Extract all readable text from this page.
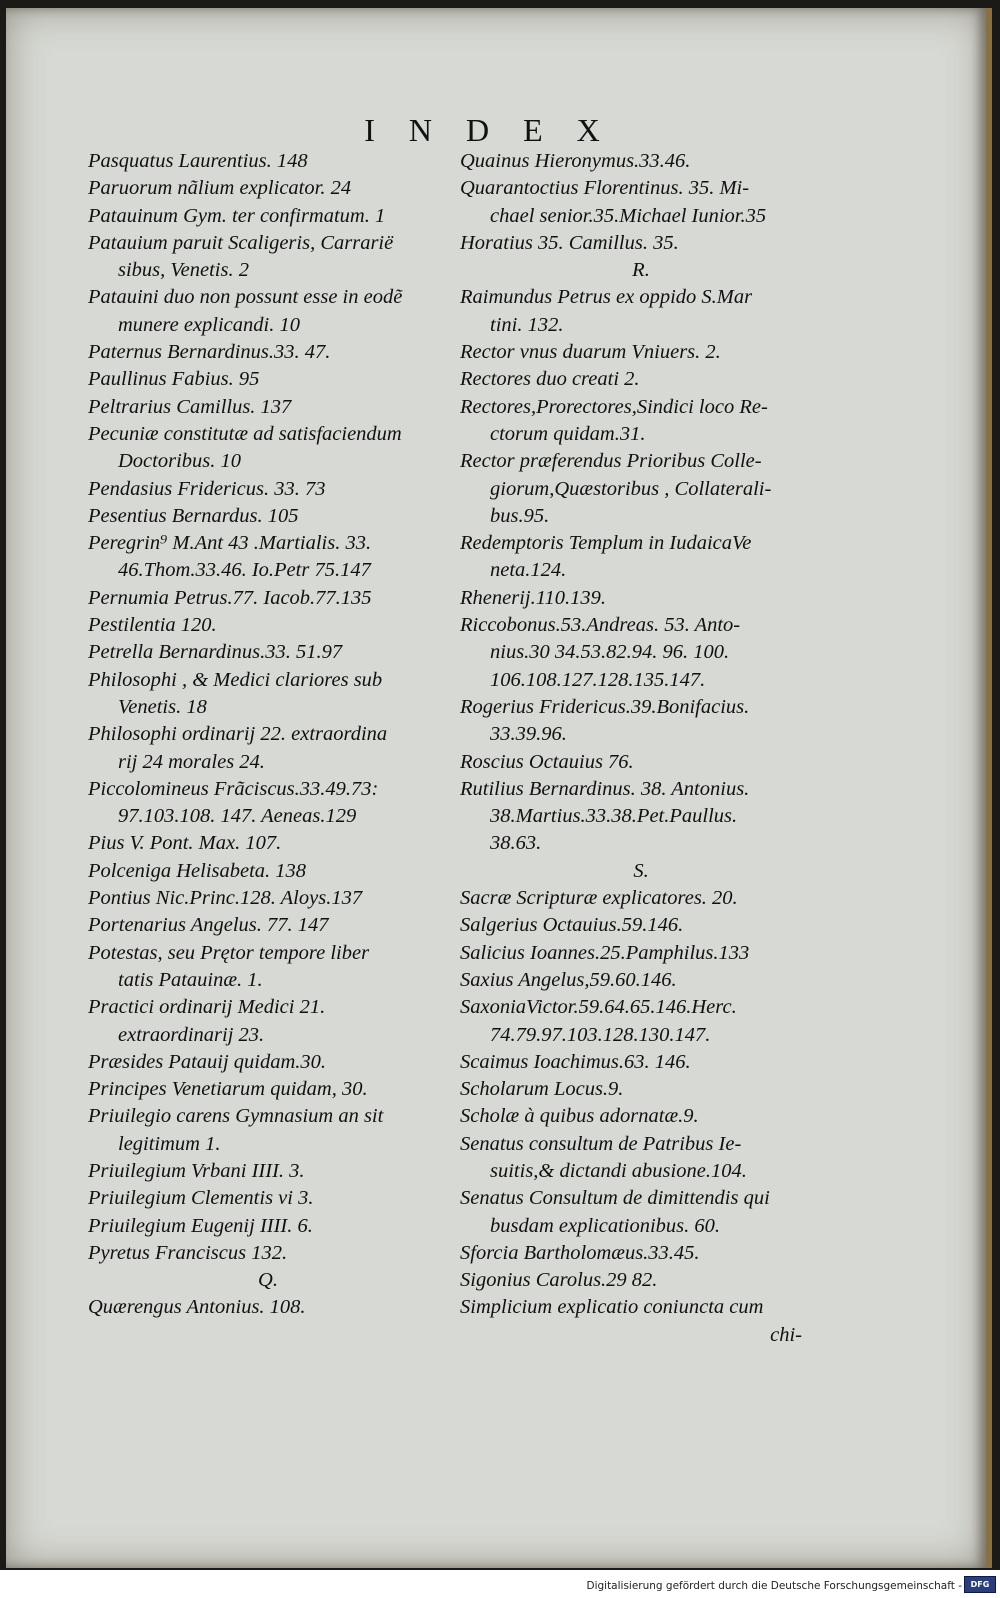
INDEX
Pasquatus Laurentius. 148
Paruorum nãlium explicator. 24
Patauinum Gym. ter confirmatum. 1
Patauium paruit Scaligeris, Carrarië
sibus, Venetis. 2
Patauini duo non possunt esse in eodẽ
munere explicandi. 10
Paternus Bernardinus.33. 47.
Paullinus Fabius. 95
Peltrarius Camillus. 137
Pecuniæ constitutæ ad satisfaciendum
Doctoribus. 10
Pendasius Fridericus. 33. 73
Pesentius Bernardus. 105
Peregrin⁹ M.Ant 43 .Martialis. 33.
46.Thom.33.46. Io.Petr 75.147
Pernumia Petrus.77. Iacob.77.135
Pestilentia 120.
Petrella Bernardinus.33. 51.97
Philosophi , & Medici clariores sub
Venetis. 18
Philosophi ordinarij 22. extraordina
rij 24 morales 24.
Piccolomineus Frãciscus.33.49.73:
97.103.108. 147. Aeneas.129
Pius V. Pont. Max. 107.
Polceniga Helisabeta. 138
Pontius Nic.Princ.128. Aloys.137
Portenarius Angelus. 77. 147
Potestas, seu Prętor tempore liber
tatis Patauinæ. 1.
Practici ordinarij Medici 21.
extraordinarij 23.
Præsides Patauij quidam.30.
Principes Venetiarum quidam, 30.
Priuilegio carens Gymnasium an sit
legitimum 1.
Priuilegium Vrbani IIII. 3.
Priuilegium Clementis vi 3.
Priuilegium Eugenij IIII. 6.
Pyretus Franciscus 132.
Q.
Quærengus Antonius. 108.
Quainus Hieronymus.33.46.
Quarantoctius Florentinus. 35. Mi-
chael senior.35.Michael Iunior.35
Horatius 35. Camillus. 35.
R.
Raimundus Petrus ex oppido S.Mar
tini. 132.
Rector vnus duarum Vniuers. 2.
Rectores duo creati 2.
Rectores,Prorectores,Sindici loco Re-
ctorum quidam.31.
Rector præferendus Prioribus Colle-
giorum,Quæstoribus , Collaterali-
bus.95.
Redemptoris Templum in IudaicaVe
neta.124.
Rhenerij.110.139.
Riccobonus.53.Andreas. 53. Anto-
nius.30 34.53.82.94. 96. 100.
106.108.127.128.135.147.
Rogerius Fridericus.39.Bonifacius.
33.39.96.
Roscius Octauius 76.
Rutilius Bernardinus. 38. Antonius.
38.Martius.33.38.Pet.Paullus.
38.63.
S.
Sacræ Scripturæ explicatores. 20.
Salgerius Octauius.59.146.
Salicius Ioannes.25.Pamphilus.133
Saxius Angelus,59.60.146.
SaxoniaVictor.59.64.65.146.Herc.
74.79.97.103.128.130.147.
Scaimus Ioachimus.63. 146.
Scholarum Locus.9.
Scholæ à quibus adornatæ.9.
Senatus consultum de Patribus Ie-
suitis,& dictandi abusione.104.
Senatus Consultum de dimittendis qui
busdam explicationibus. 60.
Sforcia Bartholomæus.33.45.
Sigonius Carolus.29 82.
Simplicium explicatio coniuncta cum
chi-
Digitalisierung gefördert durch die Deutsche Forschungsgemeinschaft -	DFG
